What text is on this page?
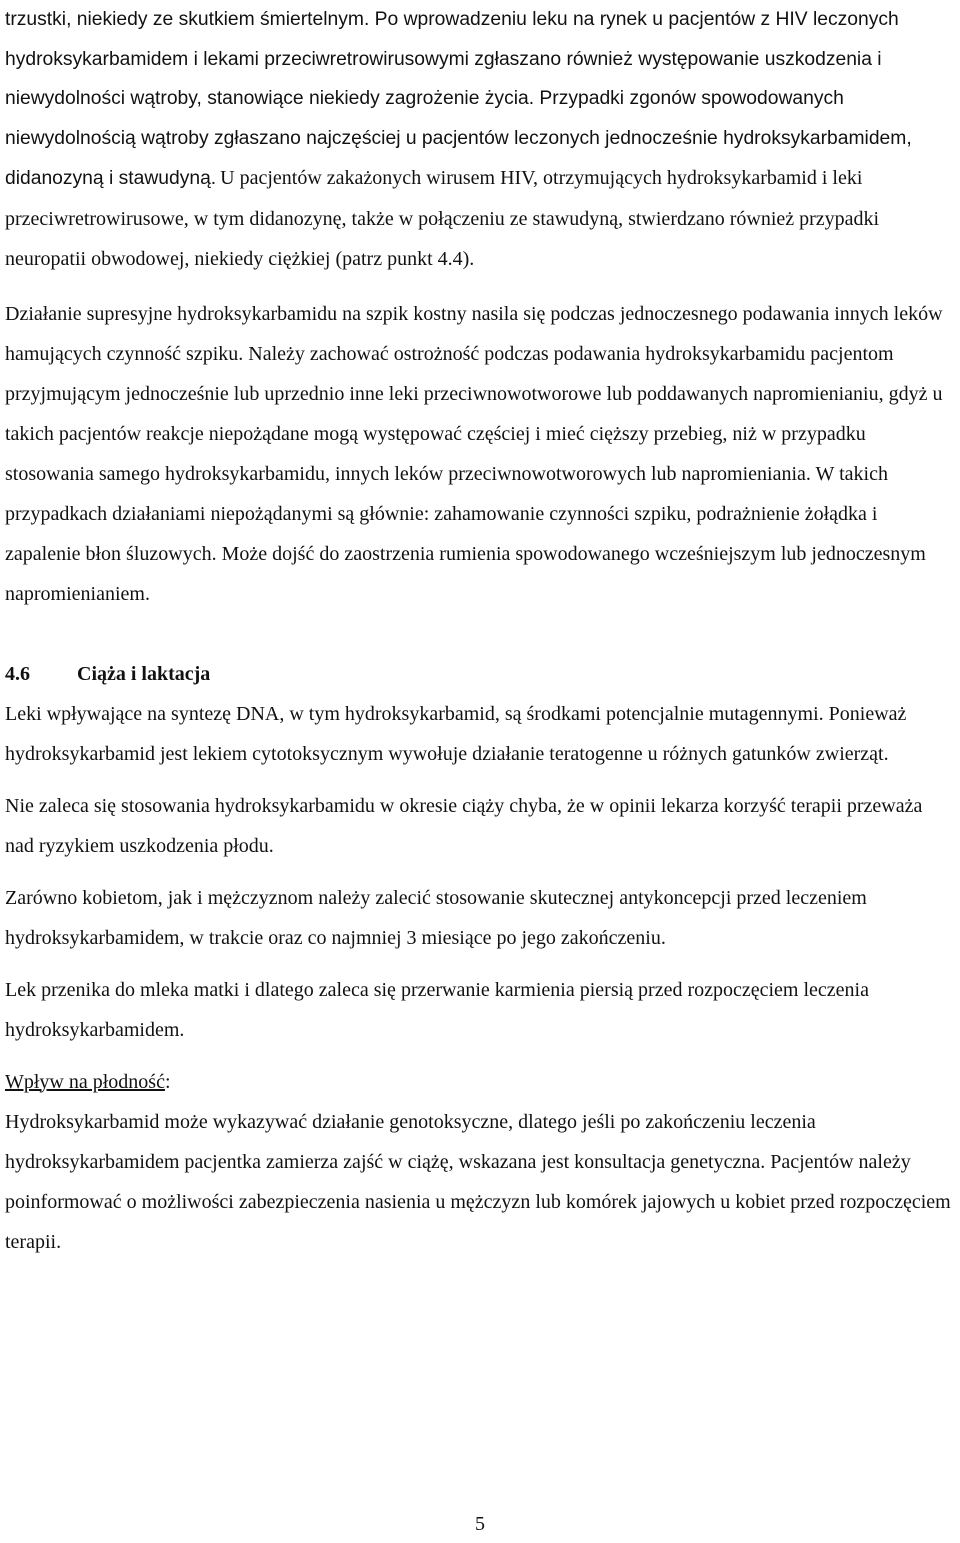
trzustki, niekiedy ze skutkiem śmiertelnym. Po wprowadzeniu leku na rynek u pacjentów z HIV leczonych hydroksykarbamidem i lekami przeciwretrowirusowymi zgłaszano również występowanie uszkodzenia i niewydolności wątroby, stanowiące niekiedy zagrożenie życia. Przypadki zgonów spowodowanych niewydolnością wątroby zgłaszano najczęściej u pacjentów leczonych jednocześnie hydroksykarbamidem, didanozyną i stawudyną. U pacjentów zakażonych wirusem HIV, otrzymujących hydroksykarbamid i leki przeciwretrowirusowe, w tym didanozynę, także w połączeniu ze stawudyną, stwierdzano również przypadki neuropatii obwodowej, niekiedy ciężkiej (patrz punkt 4.4).

Działanie supresyjne hydroksykarbamidu na szpik kostny nasila się podczas jednoczesnego podawania innych leków hamujących czynność szpiku. Należy zachować ostrożność podczas podawania hydroksykarbamidu pacjentom przyjmującym jednocześnie lub uprzednio inne leki przeciwnowotworowe lub poddawanych napromienianiu, gdyż u takich pacjentów reakcje niepożądane mogą występować częściej i mieć cięższy przebieg, niż w przypadku stosowania samego hydroksykarbamidu, innych leków przeciwnowotworowych lub napromieniania. W takich przypadkach działaniami niepożądanymi są głównie: zahamowanie czynności szpiku, podrażnienie żołądka i zapalenie błon śluzowych. Może dojść do zaostrzenia rumienia spowodowanego wcześniejszym lub jednoczesnym napromienianiem.

4.6	Ciąża i laktacja

Leki wpływające na syntezę DNA, w tym hydroksykarbamid, są środkami potencjalnie mutagennymi. Ponieważ hydroksykarbamid jest lekiem cytotoksycznym wywołuje działanie teratogenne u różnych gatunków zwierząt.

Nie zaleca się stosowania hydroksykarbamidu w okresie ciąży chyba, że w opinii lekarza korzyść terapii przeważa nad ryzykiem uszkodzenia płodu.

Zarówno kobietom, jak i mężczyznom należy zalecić stosowanie skutecznej antykoncepcji przed leczeniem hydroksykarbamidem, w trakcie oraz co najmniej 3 miesiące po jego zakończeniu.

Lek przenika do mleka matki i dlatego zaleca się przerwanie karmienia piersią przed rozpoczęciem leczenia hydroksykarbamidem.

Wpływ na płodność:

Hydroksykarbamid może wykazywać działanie genotoksyczne, dlatego jeśli po zakończeniu leczenia hydroksykarbamidem pacjentka zamierza zajść w ciążę, wskazana jest konsultacja genetyczna. Pacjentów należy poinformować o możliwości zabezpieczenia nasienia u mężczyzn lub komórek jajowych u kobiet przed rozpoczęciem terapii.

5
